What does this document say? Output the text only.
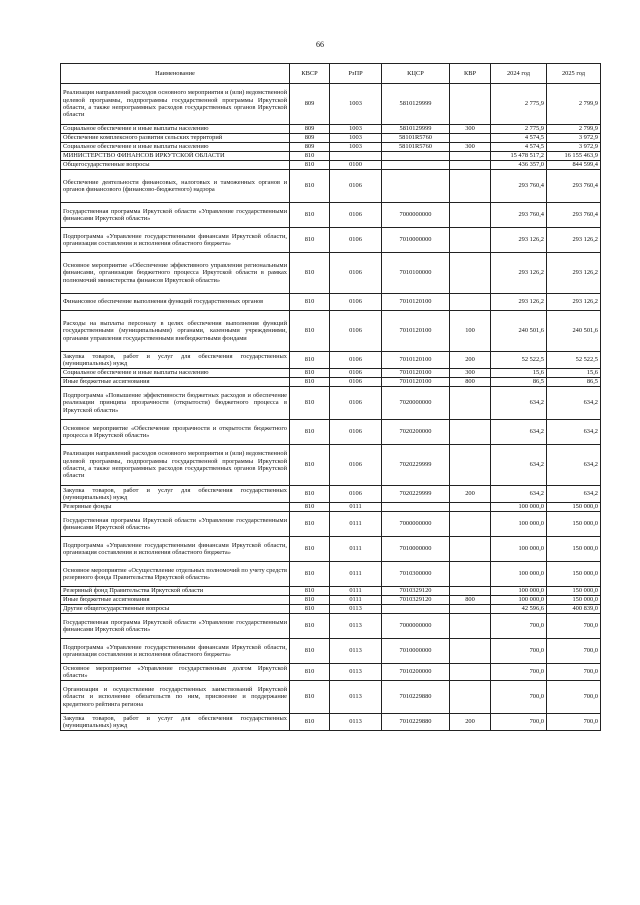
66
Наименование	КВСР	РзПР	КЦСР	КВР	2024 год	2025 год
Реализация направлений расходов основного мероприятия и (или) ведомственной целевой программы, подпрограммы государственной программы Иркутской области, а также непрограммных расходов государственных органов Иркутской области	809	1003	5810129999		2 775,9	2 799,9
Социальное обеспечение и иные выплаты населению	809	1003	5810129999	300	2 775,9	2 799,9
Обеспечение комплексного развития сельских территорий	809	1003	58101R5760		4 574,5	3 972,9
Социальное обеспечение и иные выплаты населению	809	1003	58101R5760	300	4 574,5	3 972,9
МИНИСТЕРСТВО ФИНАНСОВ ИРКУТСКОЙ ОБЛАСТИ	810				15 478 517,2	16 155 463,9
Общегосударственные вопросы	810	0100			436 357,0	844 599,4
Обеспечение деятельности финансовых, налоговых и таможенных органов и органов финансового (финансово-бюджетного) надзора	810	0106			293 760,4	293 760,4
Государственная программа Иркутской области «Управление государственными финансами Иркутской области»	810	0106	7000000000		293 760,4	293 760,4
Подпрограмма «Управление государственными финансами Иркутской области, организация составления и исполнения областного бюджета»	810	0106	7010000000		293 126,2	293 126,2
Основное мероприятие «Обеспечение эффективного управления региональными финансами, организация бюджетного процесса Иркутской области в рамках полномочий министерства финансов Иркутской области»	810	0106	7010100000		293 126,2	293 126,2
Финансовое обеспечение выполнения функций государственных органов	810	0106	7010120100		293 126,2	293 126,2
Расходы на выплаты персоналу в целях обеспечения выполнения функций государственными (муниципальными) органами, казенными учреждениями, органами управления государственными внебюджетными фондами	810	0106	7010120100	100	240 501,6	240 501,6
Закупка товаров, работ и услуг для обеспечения государственных (муниципальных) нужд	810	0106	7010120100	200	52 522,5	52 522,5
Социальное обеспечение и иные выплаты населению	810	0106	7010120100	300	15,6	15,6
Иные бюджетные ассигнования	810	0106	7010120100	800	86,5	86,5
Подпрограмма «Повышение эффективности бюджетных расходов и обеспечение реализации принципа прозрачности (открытости) бюджетного процесса в Иркутской области»	810	0106	7020000000		634,2	634,2
Основное мероприятие «Обеспечение прозрачности и открытости бюджетного процесса в Иркутской области»	810	0106	7020200000		634,2	634,2
Реализация направлений расходов основного мероприятия и (или) ведомственной целевой программы, подпрограммы государственной программы Иркутской области, а также непрограммных расходов государственных органов Иркутской области	810	0106	7020229999		634,2	634,2
Закупка товаров, работ и услуг для обеспечения государственных (муниципальных) нужд	810	0106	7020229999	200	634,2	634,2
Резервные фонды	810	0111			100 000,0	150 000,0
Государственная программа Иркутской области «Управление государственными финансами Иркутской области»	810	0111	7000000000		100 000,0	150 000,0
Подпрограмма «Управление государственными финансами Иркутской области, организация составления и исполнения областного бюджета»	810	0111	7010000000		100 000,0	150 000,0
Основное мероприятие «Осуществление отдельных полномочий по учету средств резервного фонда Правительства Иркутской области»	810	0111	7010300000		100 000,0	150 000,0
Резервный фонд Правительства Иркутской области	810	0111	7010329120		100 000,0	150 000,0
Иные бюджетные ассигнования	810	0111	7010329120	800	100 000,0	150 000,0
Другие общегосударственные вопросы	810	0113			42 596,6	400 839,0
Государственная программа Иркутской области «Управление государственными финансами Иркутской области»	810	0113	7000000000		700,0	700,0
Подпрограмма «Управление государственными финансами Иркутской области, организация составления и исполнения областного бюджета»	810	0113	7010000000		700,0	700,0
Основное мероприятие «Управление государственным долгом Иркутской области»	810	0113	7010200000		700,0	700,0
Организация и осуществление государственных заимствований Иркутской области и исполнение обязательств по ним, присвоение и поддержание кредитного рейтинга региона	810	0113	7010229880		700,0	700,0
Закупка товаров, работ и услуг для обеспечения государственных (муниципальных) нужд	810	0113	7010229880	200	700,0	700,0
